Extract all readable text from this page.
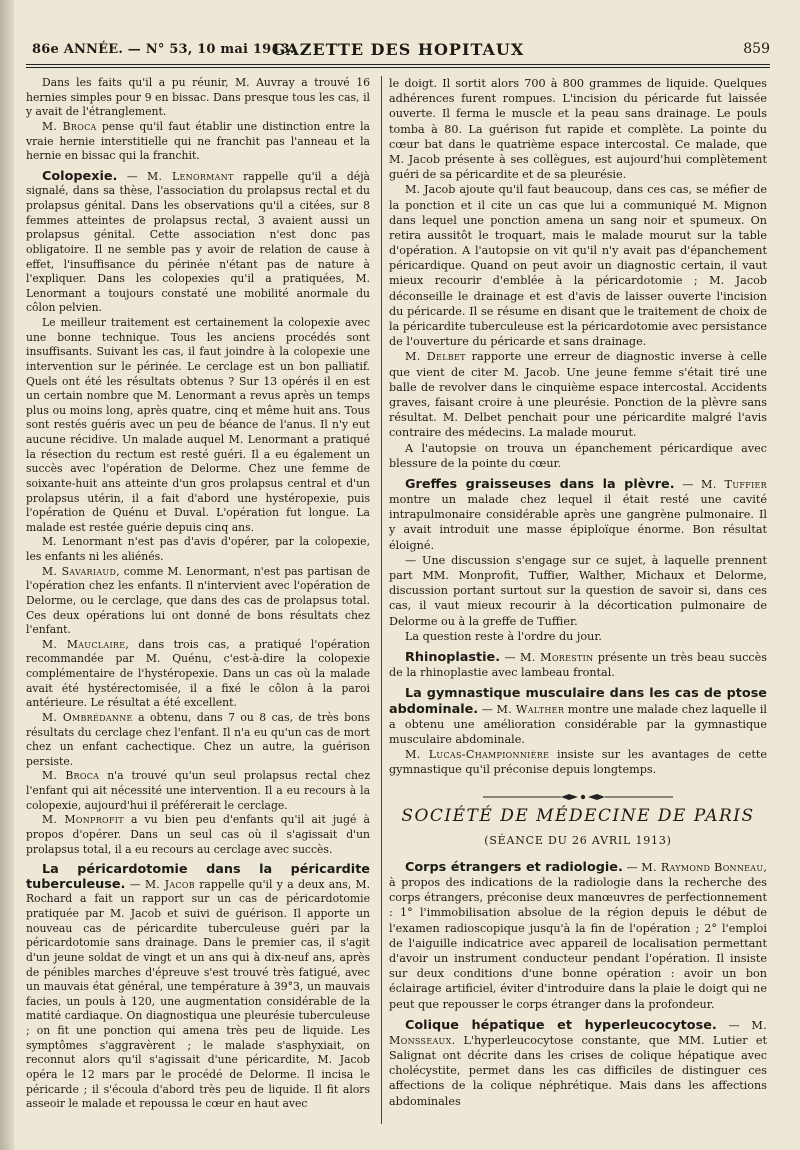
86e ANNÉE. — N° 53, 10 mai 1913.
GAZETTE DES HOPITAUX	859

Dans les faits qu'il a pu réunir, M. Auvray a trouvé 16 hernies simples pour 9 en bissac. Dans presque tous les cas, il y avait de l'étranglement.

M. Broca pense qu'il faut établir une distinction entre la vraie hernie interstitielle qui ne franchit pas l'anneau et la hernie en bissac qui la franchit.

Colopexie. — M. Lenormant rappelle qu'il a déjà signalé, dans sa thèse, l'association du prolapsus rectal et du prolapsus génital. Dans les observations qu'il a citées, sur 8 femmes atteintes de prolapsus rectal, 3 avaient aussi un prolapsus génital. Cette association n'est donc pas obligatoire. Il ne semble pas y avoir de relation de cause à effet, l'insuffisance du périnée n'étant pas de nature à l'expliquer. Dans les colopexies qu'il a pratiquées, M. Lenormant a toujours constaté une mobilité anormale du côlon pelvien.

Le meilleur traitement est certainement la colopexie avec une bonne technique. Tous les anciens procédés sont insuffisants. Suivant les cas, il faut joindre à la colopexie une intervention sur le périnée. Le cerclage est un bon palliatif. Quels ont été les résultats obtenus ? Sur 13 opérés il en est un certain nombre que M. Lenormant a revus après un temps plus ou moins long, après quatre, cinq et même huit ans. Tous sont restés guéris avec un peu de béance de l'anus. Il n'y eut aucune récidive. Un malade auquel M. Lenormant a pratiqué la résection du rectum est resté guéri. Il a eu également un succès avec l'opération de Delorme. Chez une femme de soixante-huit ans atteinte d'un gros prolapsus central et d'un prolapsus utérin, il a fait d'abord une hystéropexie, puis l'opération de Quénu et Duval. L'opération fut longue. La malade est restée guérie depuis cinq ans.

M. Lenormant n'est pas d'avis d'opérer, par la colopexie, les enfants ni les aliénés.

M. Savariaud, comme M. Lenormant, n'est pas partisan de l'opération chez les enfants. Il n'intervient avec l'opération de Delorme, ou le cerclage, que dans des cas de prolapsus total. Ces deux opérations lui ont donné de bons résultats chez l'enfant.

M. Mauclaire, dans trois cas, a pratiqué l'opération recommandée par M. Quénu, c'est-à-dire la colopexie complémentaire de l'hystéropexie. Dans un cas où la malade avait été hystérectomisée, il a fixé le côlon à la paroi antérieure. Le résultat a été excellent.

M. Ombrédanne a obtenu, dans 7 ou 8 cas, de très bons résultats du cerclage chez l'enfant. Il n'a eu qu'un cas de mort chez un enfant cachectique. Chez un autre, la guérison persiste.

M. Broca n'a trouvé qu'un seul prolapsus rectal chez l'enfant qui ait nécessité une intervention. Il a eu recours à la colopexie, aujourd'hui il préférerait le cerclage.

M. Monprofit a vu bien peu d'enfants qu'il ait jugé à propos d'opérer. Dans un seul cas où il s'agissait d'un prolapsus total, il a eu recours au cerclage avec succès.

La péricardotomie dans la péricardite tuberculeuse. — M. Jacob rappelle qu'il y a deux ans, M. Rochard a fait un rapport sur un cas de péricardotomie pratiquée par M. Jacob et suivi de guérison. Il apporte un nouveau cas de péricardite tuberculeuse guéri par la péricardotomie sans drainage. Dans le premier cas, il s'agit d'un jeune soldat de vingt et un ans qui à dix-neuf ans, après de pénibles marches d'épreuve s'est trouvé très fatigué, avec un mauvais état général, une température à 39°3, un mauvais facies, un pouls à 120, une augmentation considérable de la matité cardiaque. On diagnostiqua une pleurésie tuberculeuse ; on fit une ponction qui amena très peu de liquide. Les symptômes s'aggravèrent ; le malade s'asphyxiait, on reconnut alors qu'il s'agissait d'une péricardite, M. Jacob opéra le 12 mars par le procédé de Delorme. Il incisa le péricarde ; il s'écoula d'abord très peu de liquide. Il fit alors asseoir le malade et repoussa le cœur en haut avec

le doigt. Il sortit alors 700 à 800 grammes de liquide. Quelques adhérences furent rompues. L'incision du péricarde fut laissée ouverte. Il ferma le muscle et la peau sans drainage. Le pouls tomba à 80. La guérison fut rapide et complète. La pointe du cœur bat dans le quatrième espace intercostal. Ce malade, que M. Jacob présente à ses collègues, est aujourd'hui complètement guéri de sa péricardite et de sa pleurésie.

M. Jacob ajoute qu'il faut beaucoup, dans ces cas, se méfier de la ponction et il cite un cas que lui a communiqué M. Mignon dans lequel une ponction amena un sang noir et spumeux. On retira aussitôt le troquart, mais le malade mourut sur la table d'opération. A l'autopsie on vit qu'il n'y avait pas d'épanchement péricardique. Quand on peut avoir un diagnostic certain, il vaut mieux recourir d'emblée à la péricardotomie ; M. Jacob déconseille le drainage et est d'avis de laisser ouverte l'incision du péricarde. Il se résume en disant que le traitement de choix de la péricardite tuberculeuse est la péricardotomie avec persistance de l'ouverture du péricarde et sans drainage.

M. Delbet rapporte une erreur de diagnostic inverse à celle que vient de citer M. Jacob. Une jeune femme s'était tiré une balle de revolver dans le cinquième espace intercostal. Accidents graves, faisant croire à une pleurésie. Ponction de la plèvre sans résultat. M. Delbet penchait pour une péricardite malgré l'avis contraire des médecins. La malade mourut.

A l'autopsie on trouva un épanchement péricardique avec blessure de la pointe du cœur.

Greffes graisseuses dans la plèvre. — M. Tuffier montre un malade chez lequel il était resté une cavité intrapulmonaire considérable après une gangrène pulmonaire. Il y avait introduit une masse épiploïque énorme. Bon résultat éloigné.

— Une discussion s'engage sur ce sujet, à laquelle prennent part MM. Monprofit, Tuffier, Walther, Michaux et Delorme, discussion portant surtout sur la question de savoir si, dans ces cas, il vaut mieux recourir à la décortication pulmonaire de Delorme ou à la greffe de Tuffier.

La question reste à l'ordre du jour.

Rhinoplastie. — M. Morestin présente un très beau succès de la rhinoplastie avec lambeau frontal.

La gymnastique musculaire dans les cas de ptose abdominale. — M. Walther montre une malade chez laquelle il a obtenu une amélioration considérable par la gymnastique musculaire abdominale.

M. Lucas-Championnière insiste sur les avantages de cette gymnastique qu'il préconise depuis longtemps.

SOCIÉTÉ DE MÉDECINE DE PARIS
(SÉANCE DU 26 AVRIL 1913)

Corps étrangers et radiologie. — M. Raymond Bonneau, à propos des indications de la radiologie dans la recherche des corps étrangers, préconise deux manœuvres de perfectionnement : 1° l'immobilisation absolue de la région depuis le début de l'examen radioscopique jusqu'à la fin de l'opération ; 2° l'emploi de l'aiguille indicatrice avec appareil de localisation permettant d'avoir un instrument conducteur pendant l'opération. Il insiste sur deux conditions d'une bonne opération : avoir un bon éclairage artificiel, éviter d'introduire dans la plaie le doigt qui ne peut que repousser le corps étranger dans la profondeur.

Colique hépatique et hyperleucocytose. — M. Monsseaux. L'hyperleucocytose constante, que MM. Lutier et Salignat ont décrite dans les crises de colique hépatique avec cholécystite, permet dans les cas difficiles de distinguer ces affections de la colique néphrétique. Mais dans les affections abdominales
